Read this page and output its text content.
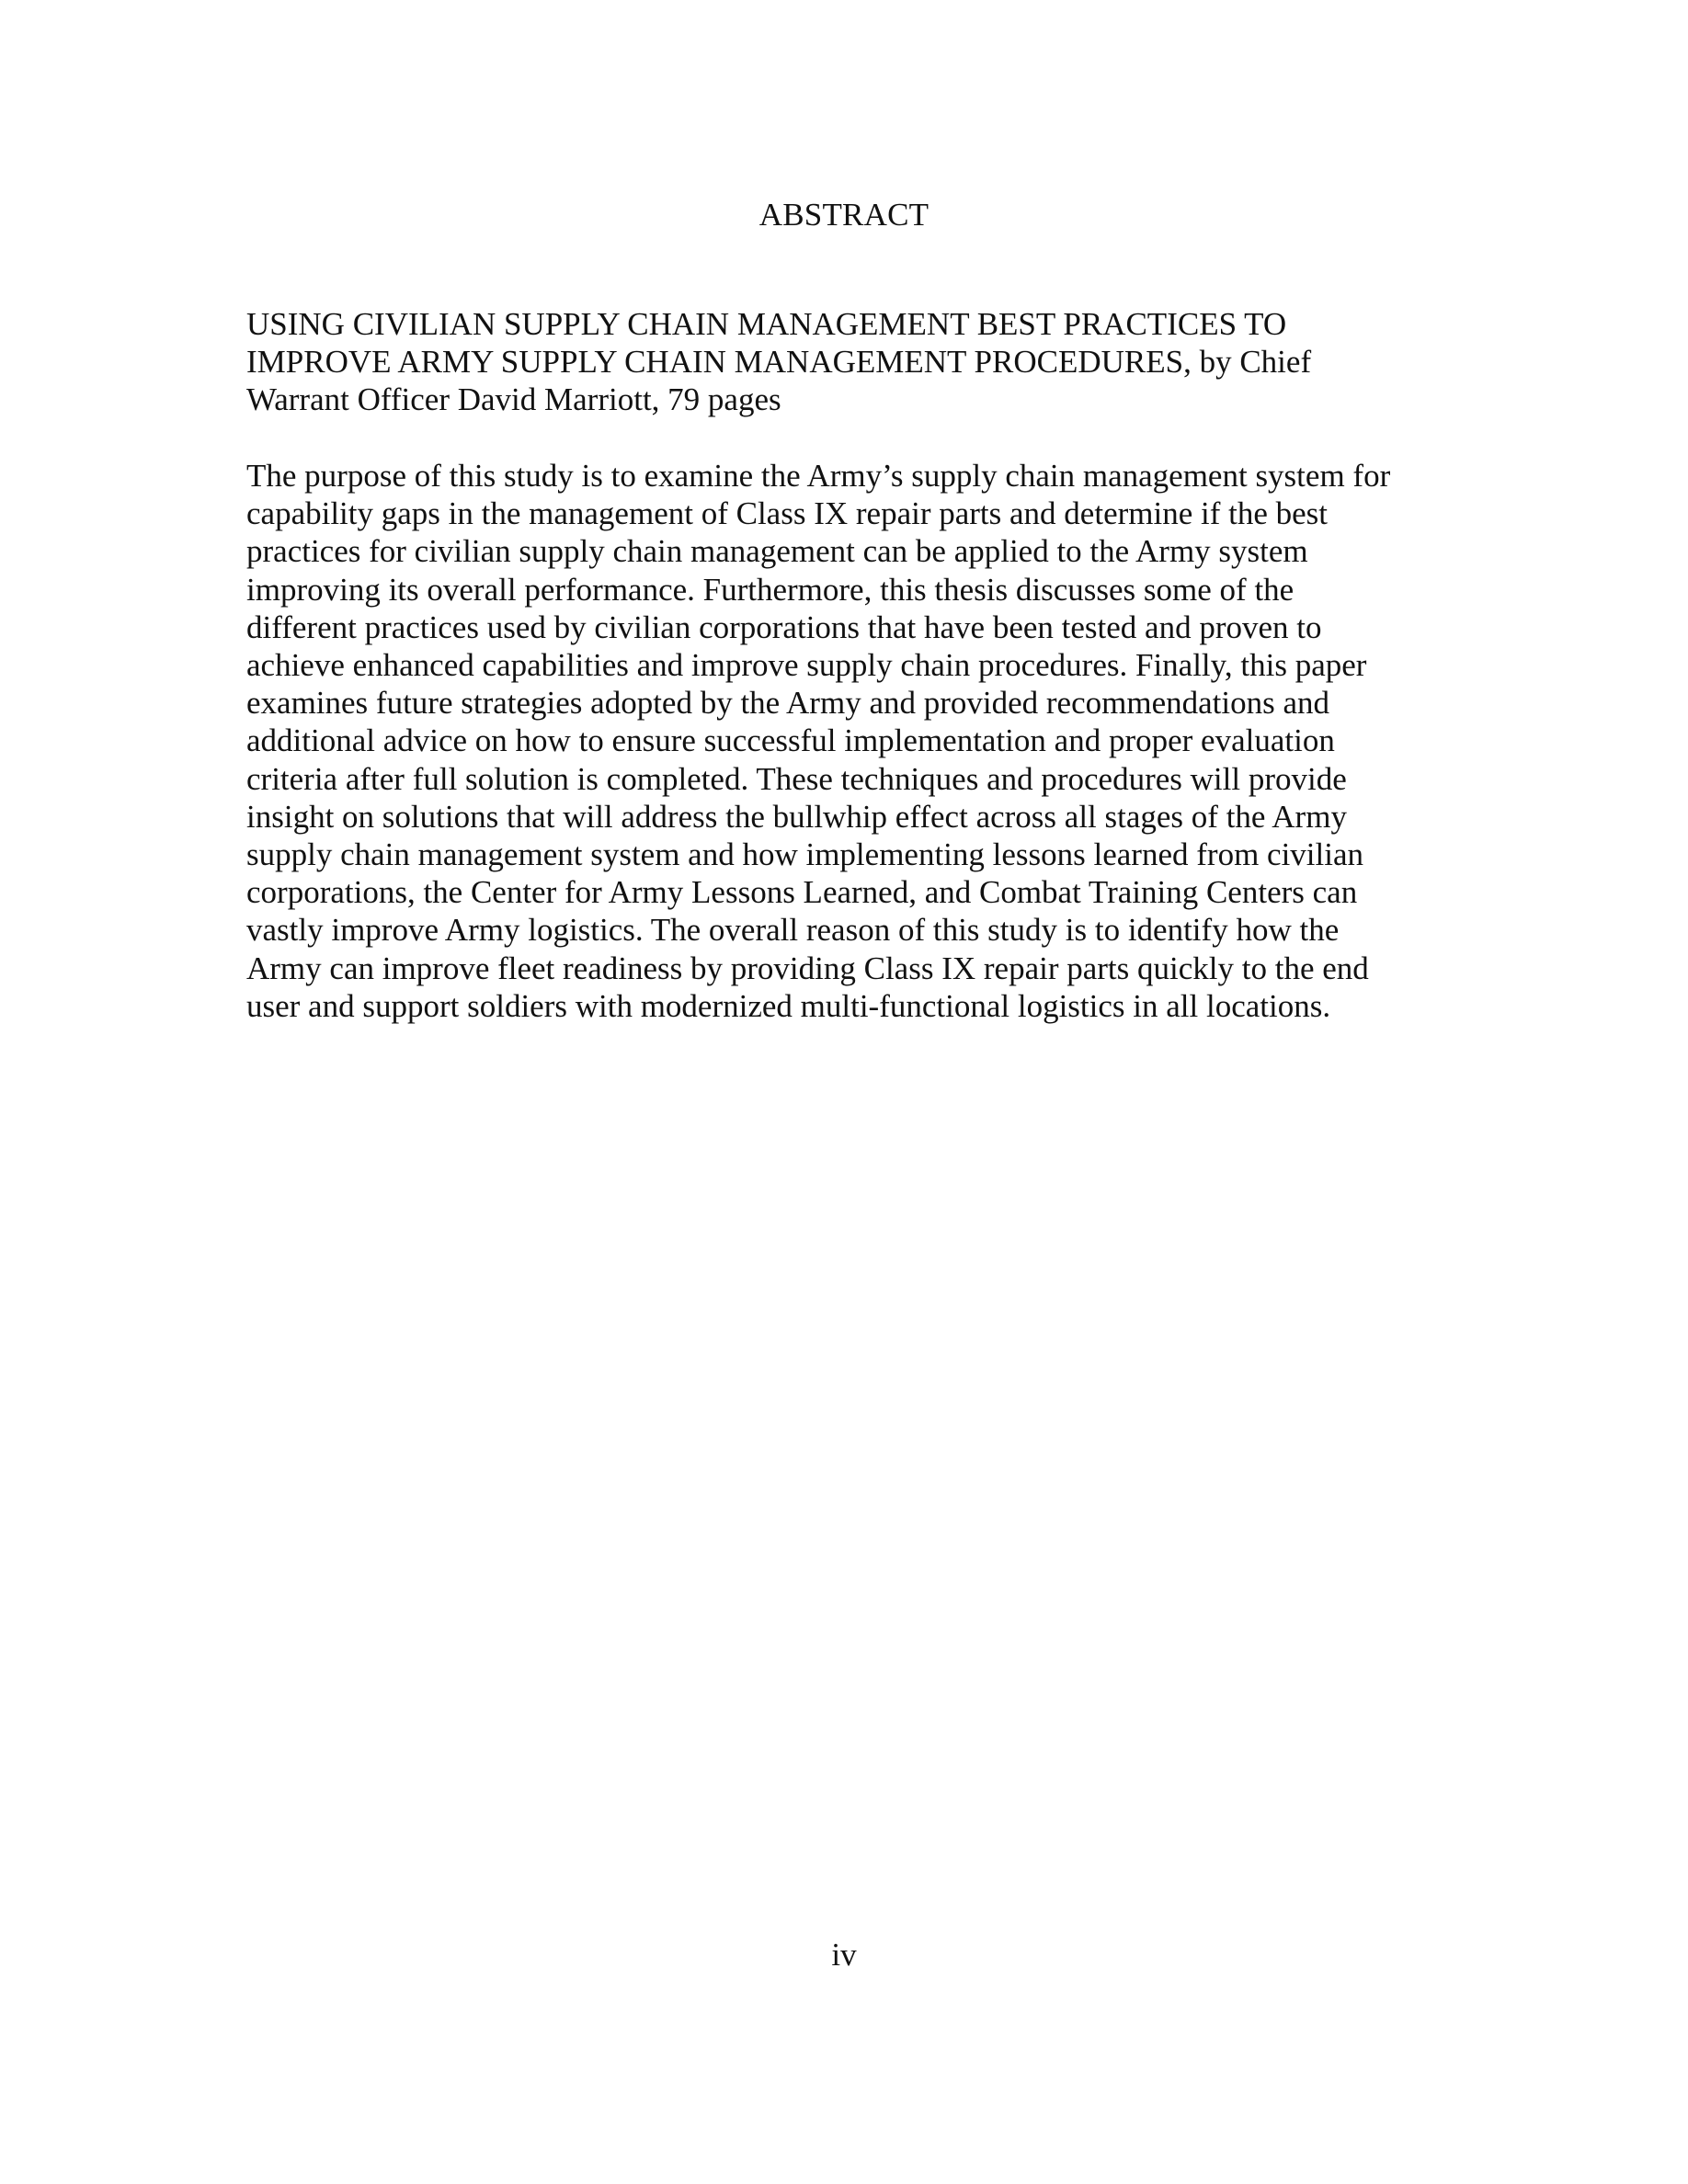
ABSTRACT
USING CIVILIAN SUPPLY CHAIN MANAGEMENT BEST PRACTICES TO
IMPROVE ARMY SUPPLY CHAIN MANAGEMENT PROCEDURES, by Chief
Warrant Officer David Marriott, 79 pages
The purpose of this study is to examine the Army’s supply chain management system for
capability gaps in the management of Class IX repair parts and determine if the best
practices for civilian supply chain management can be applied to the Army system
improving its overall performance. Furthermore, this thesis discusses some of the
different practices used by civilian corporations that have been tested and proven to
achieve enhanced capabilities and improve supply chain procedures. Finally, this paper
examines future strategies adopted by the Army and provided recommendations and
additional advice on how to ensure successful implementation and proper evaluation
criteria after full solution is completed. These techniques and procedures will provide
insight on solutions that will address the bullwhip effect across all stages of the Army
supply chain management system and how implementing lessons learned from civilian
corporations, the Center for Army Lessons Learned, and Combat Training Centers can
vastly improve Army logistics. The overall reason of this study is to identify how the
Army can improve fleet readiness by providing Class IX repair parts quickly to the end
user and support soldiers with modernized multi-functional logistics in all locations.
iv
